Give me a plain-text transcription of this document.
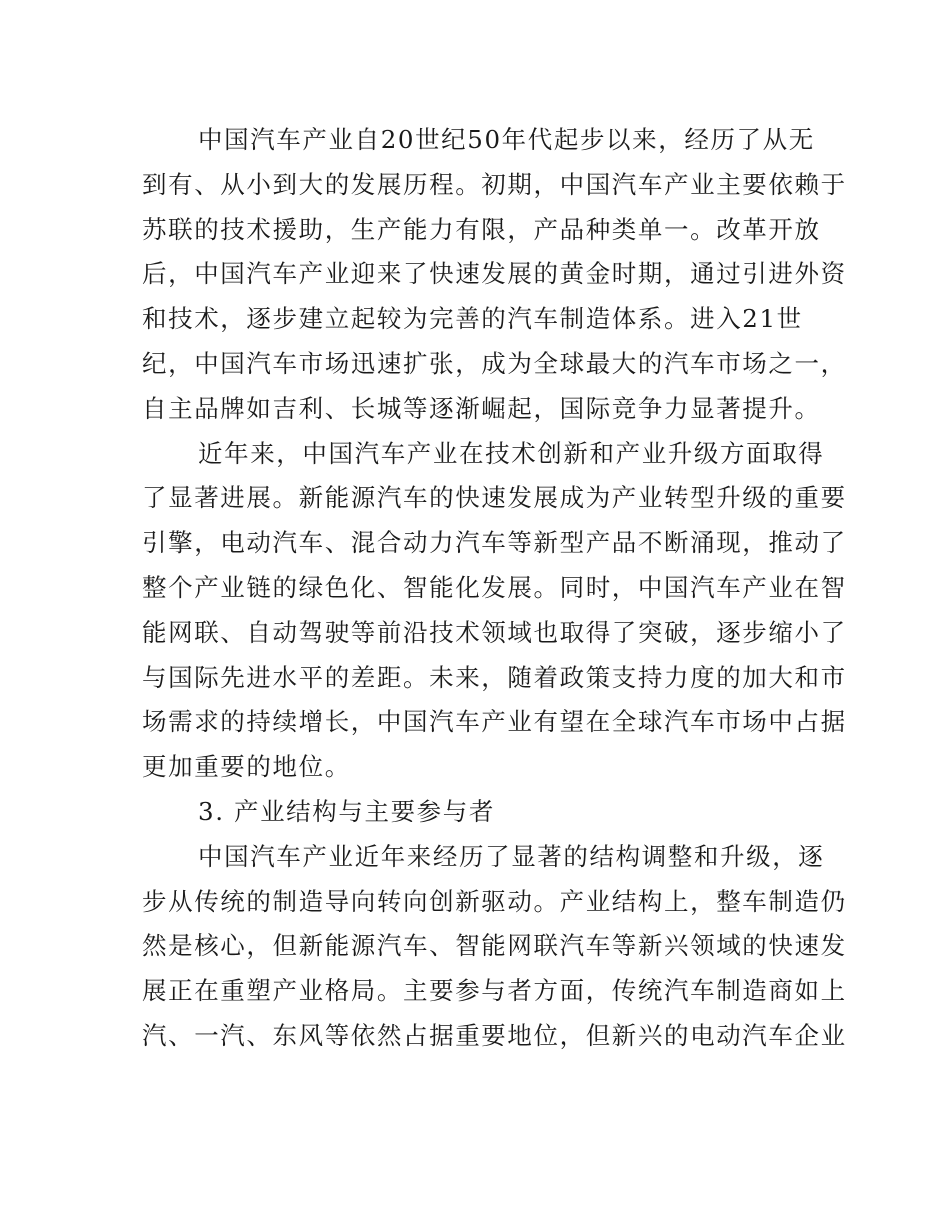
中国汽车产业自20世纪50年代起步以来，经历了从无
到有、从小到大的发展历程。初期，中国汽车产业主要依赖于
苏联的技术援助，生产能力有限，产品种类单一。改革开放
后，中国汽车产业迎来了快速发展的黄金时期，通过引进外资
和技术，逐步建立起较为完善的汽车制造体系。进入21世
纪，中国汽车市场迅速扩张，成为全球最大的汽车市场之一，
自主品牌如吉利、长城等逐渐崛起，国际竞争力显著提升。
近年来，中国汽车产业在技术创新和产业升级方面取得
了显著进展。新能源汽车的快速发展成为产业转型升级的重要
引擎，电动汽车、混合动力汽车等新型产品不断涌现，推动了
整个产业链的绿色化、智能化发展。同时，中国汽车产业在智
能网联、自动驾驶等前沿技术领域也取得了突破，逐步缩小了
与国际先进水平的差距。未来，随着政策支持力度的加大和市
场需求的持续增长，中国汽车产业有望在全球汽车市场中占据
更加重要的地位。
3. 产业结构与主要参与者
中国汽车产业近年来经历了显著的结构调整和升级，逐
步从传统的制造导向转向创新驱动。产业结构上，整车制造仍
然是核心，但新能源汽车、智能网联汽车等新兴领域的快速发
展正在重塑产业格局。主要参与者方面，传统汽车制造商如上
汽、一汽、东风等依然占据重要地位，但新兴的电动汽车企业
